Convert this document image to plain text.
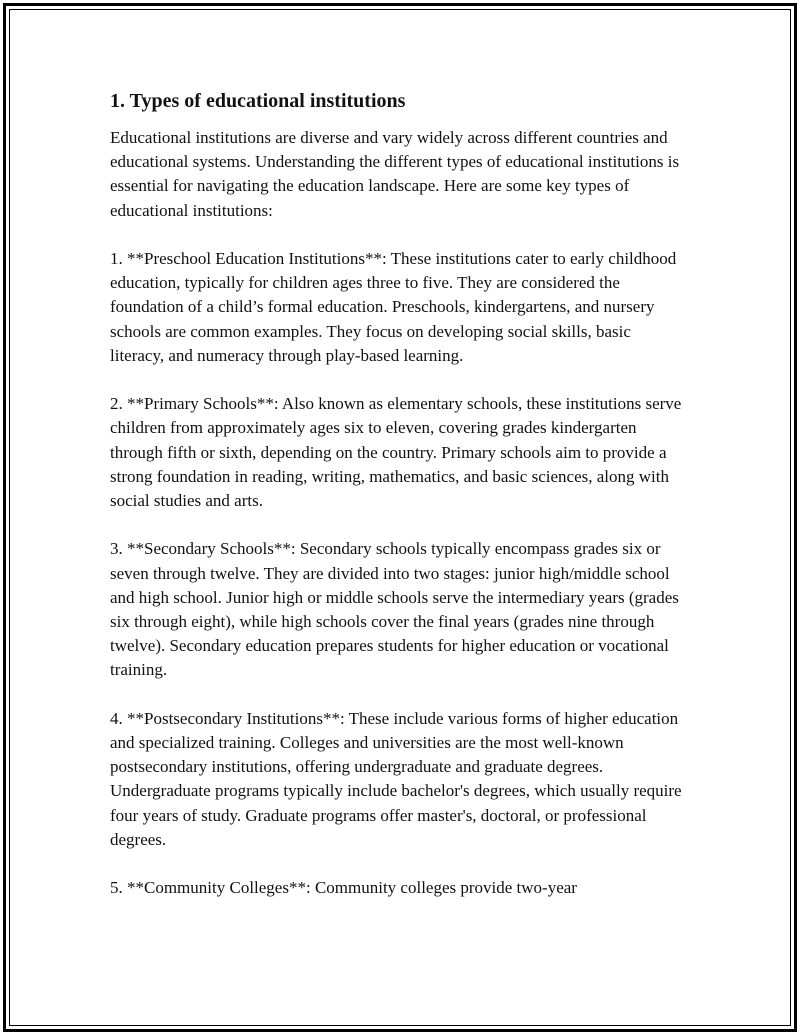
1. Types of educational institutions

Educational institutions are diverse and vary widely across different countries and educational systems. Understanding the different types of educational institutions is essential for navigating the education landscape. Here are some key types of educational institutions:

1. **Preschool Education Institutions**: These institutions cater to early childhood education, typically for children ages three to five. They are considered the foundation of a child’s formal education. Preschools, kindergartens, and nursery schools are common examples. They focus on developing social skills, basic literacy, and numeracy through play-based learning.

2. **Primary Schools**: Also known as elementary schools, these institutions serve children from approximately ages six to eleven, covering grades kindergarten through fifth or sixth, depending on the country. Primary schools aim to provide a strong foundation in reading, writing, mathematics, and basic sciences, along with social studies and arts.

3. **Secondary Schools**: Secondary schools typically encompass grades six or seven through twelve. They are divided into two stages: junior high/middle school and high school. Junior high or middle schools serve the intermediary years (grades six through eight), while high schools cover the final years (grades nine through twelve). Secondary education prepares students for higher education or vocational training.

4. **Postsecondary Institutions**: These include various forms of higher education and specialized training. Colleges and universities are the most well-known postsecondary institutions, offering undergraduate and graduate degrees. Undergraduate programs typically include bachelor's degrees, which usually require four years of study. Graduate programs offer master's, doctoral, or professional degrees.

5. **Community Colleges**: Community colleges provide two-year
